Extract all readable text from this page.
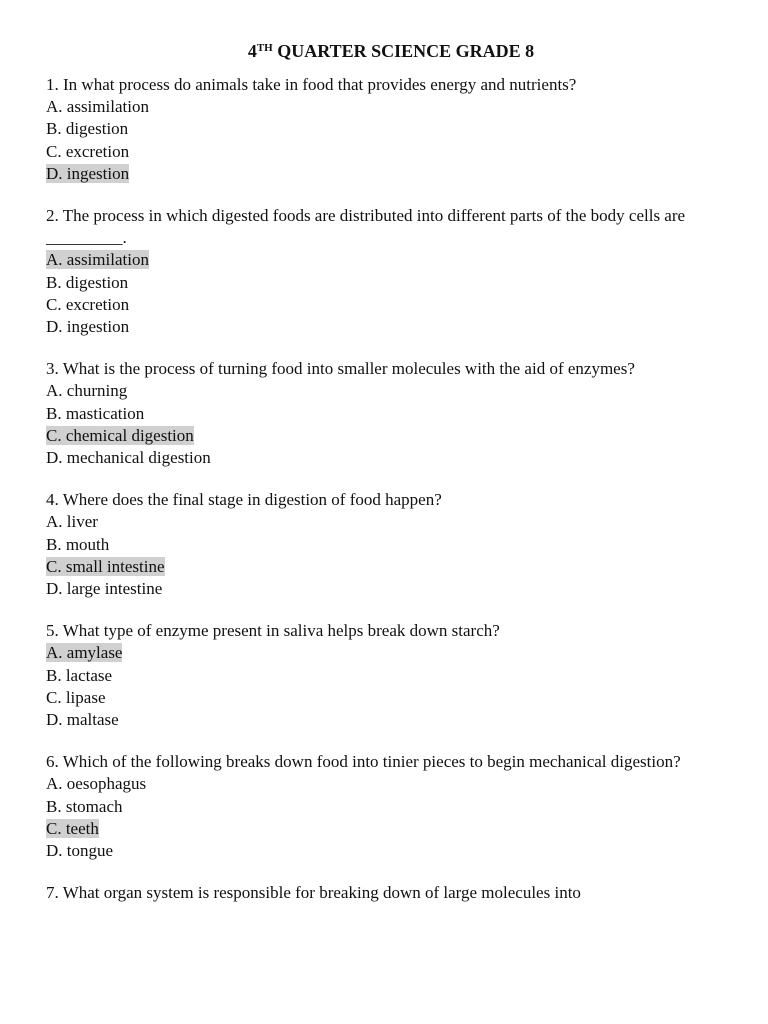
4TH QUARTER SCIENCE GRADE 8

1. In what process do animals take in food that provides energy and nutrients?

A. assimilation

B. digestion

C. excretion

D. ingestion

2. The process in which digested foods are distributed into different parts of the body cells are _________.

A. assimilation

B. digestion

C. excretion

D. ingestion

3. What is the process of turning food into smaller molecules with the aid of enzymes?

A. churning

B. mastication

C. chemical digestion

D. mechanical digestion

4. Where does the final stage in digestion of food happen?

A. liver

B. mouth

C. small intestine

D. large intestine

5. What type of enzyme present in saliva helps break down starch?

A. amylase

B. lactase

C. lipase

D. maltase

6. Which of the following breaks down food into tinier pieces to begin mechanical digestion?

A. oesophagus

B. stomach

C. teeth

D. tongue

7. What organ system is responsible for breaking down of large molecules into
